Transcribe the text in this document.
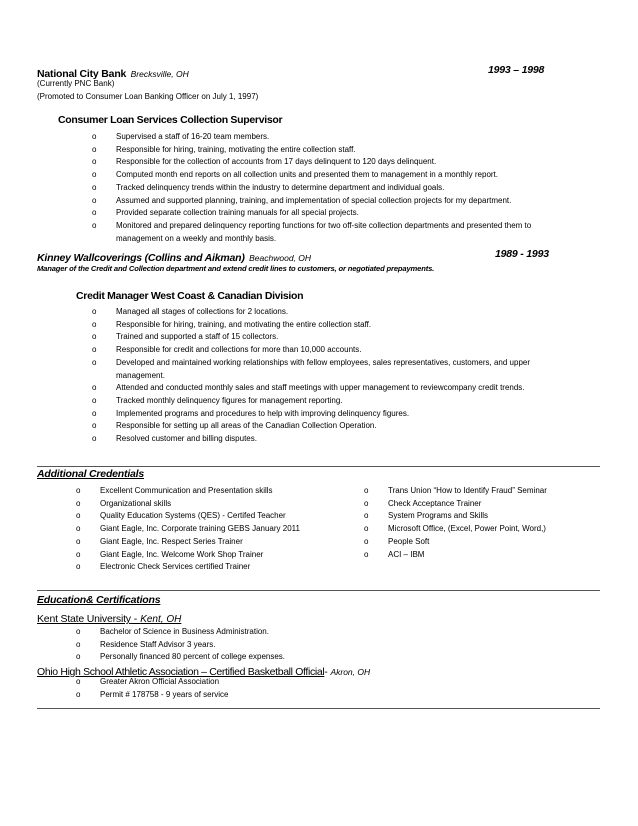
National City Bank Brecksville, OH	1993 – 1998
(Currently PNC Bank)
(Promoted to Consumer Loan Banking Officer on July 1, 1997)
Consumer Loan Services Collection Supervisor
o Supervised a staff of 16-20 team members.
o Responsible for hiring, training, motivating the entire collection staff.
o Responsible for the collection of accounts from 17 days delinquent to 120 days delinquent.
o Computed month end reports on all collection units and presented them to management in a monthly report.
o Tracked delinquency trends within the industry to determine department and individual goals.
o Assumed and supported planning, training, and implementation of special collection projects for my department.
o Provided separate collection training manuals for all special projects.
o Monitored and prepared delinquency reporting functions for two off-site collection departments and presented them to management on a weekly and monthly basis.
Kinney Wallcoverings (Collins and Aikman) Beachwood, OH	1989 - 1993
Manager of the Credit and Collection department and extend credit lines to customers, or negotiated prepayments.
Credit Manager West Coast & Canadian Division
o Managed all stages of collections for 2 locations.
o Responsible for hiring, training, and motivating the entire collection staff.
o Trained and supported a staff of 15 collectors.
o Responsible for credit and collections for more than 10,000 accounts.
o Developed and maintained working relationships with fellow employees, sales representatives, customers, and upper management.
o Attended and conducted monthly sales and staff meetings with upper management to reviewcompany credit trends.
o Tracked monthly delinquency figures for management reporting.
o Implemented programs and procedures to help with improving delinquency figures.
o Responsible for setting up all areas of the Canadian Collection Operation.
o Resolved customer and billing disputes.
Additional Credentials
o Excellent Communication and Presentation skills
o Organizational skills
o Quality Education Systems (QES) - Certifed Teacher
o Giant Eagle, Inc. Corporate training GEBS January 2011
o Giant Eagle, Inc. Respect Series Trainer
o Giant Eagle, Inc. Welcome Work Shop Trainer
o Electronic Check Services certified Trainer
o Trans Union “How to Identify Fraud” Seminar
o Check Acceptance Trainer
o System Programs and Skills
o Microsoft Office, (Excel, Power Point, Word,)
o People Soft
o ACI – IBM
Education& Certifications
Kent State University - Kent, OH
o Bachelor of Science in Business Administration.
o Residence Staff Advisor 3 years.
o Personally financed 80 percent of college expenses.
Ohio High School Athletic Association – Certified Basketball Official- Akron, OH
o Greater Akron Official Association
o Permit # 178758 - 9 years of service
